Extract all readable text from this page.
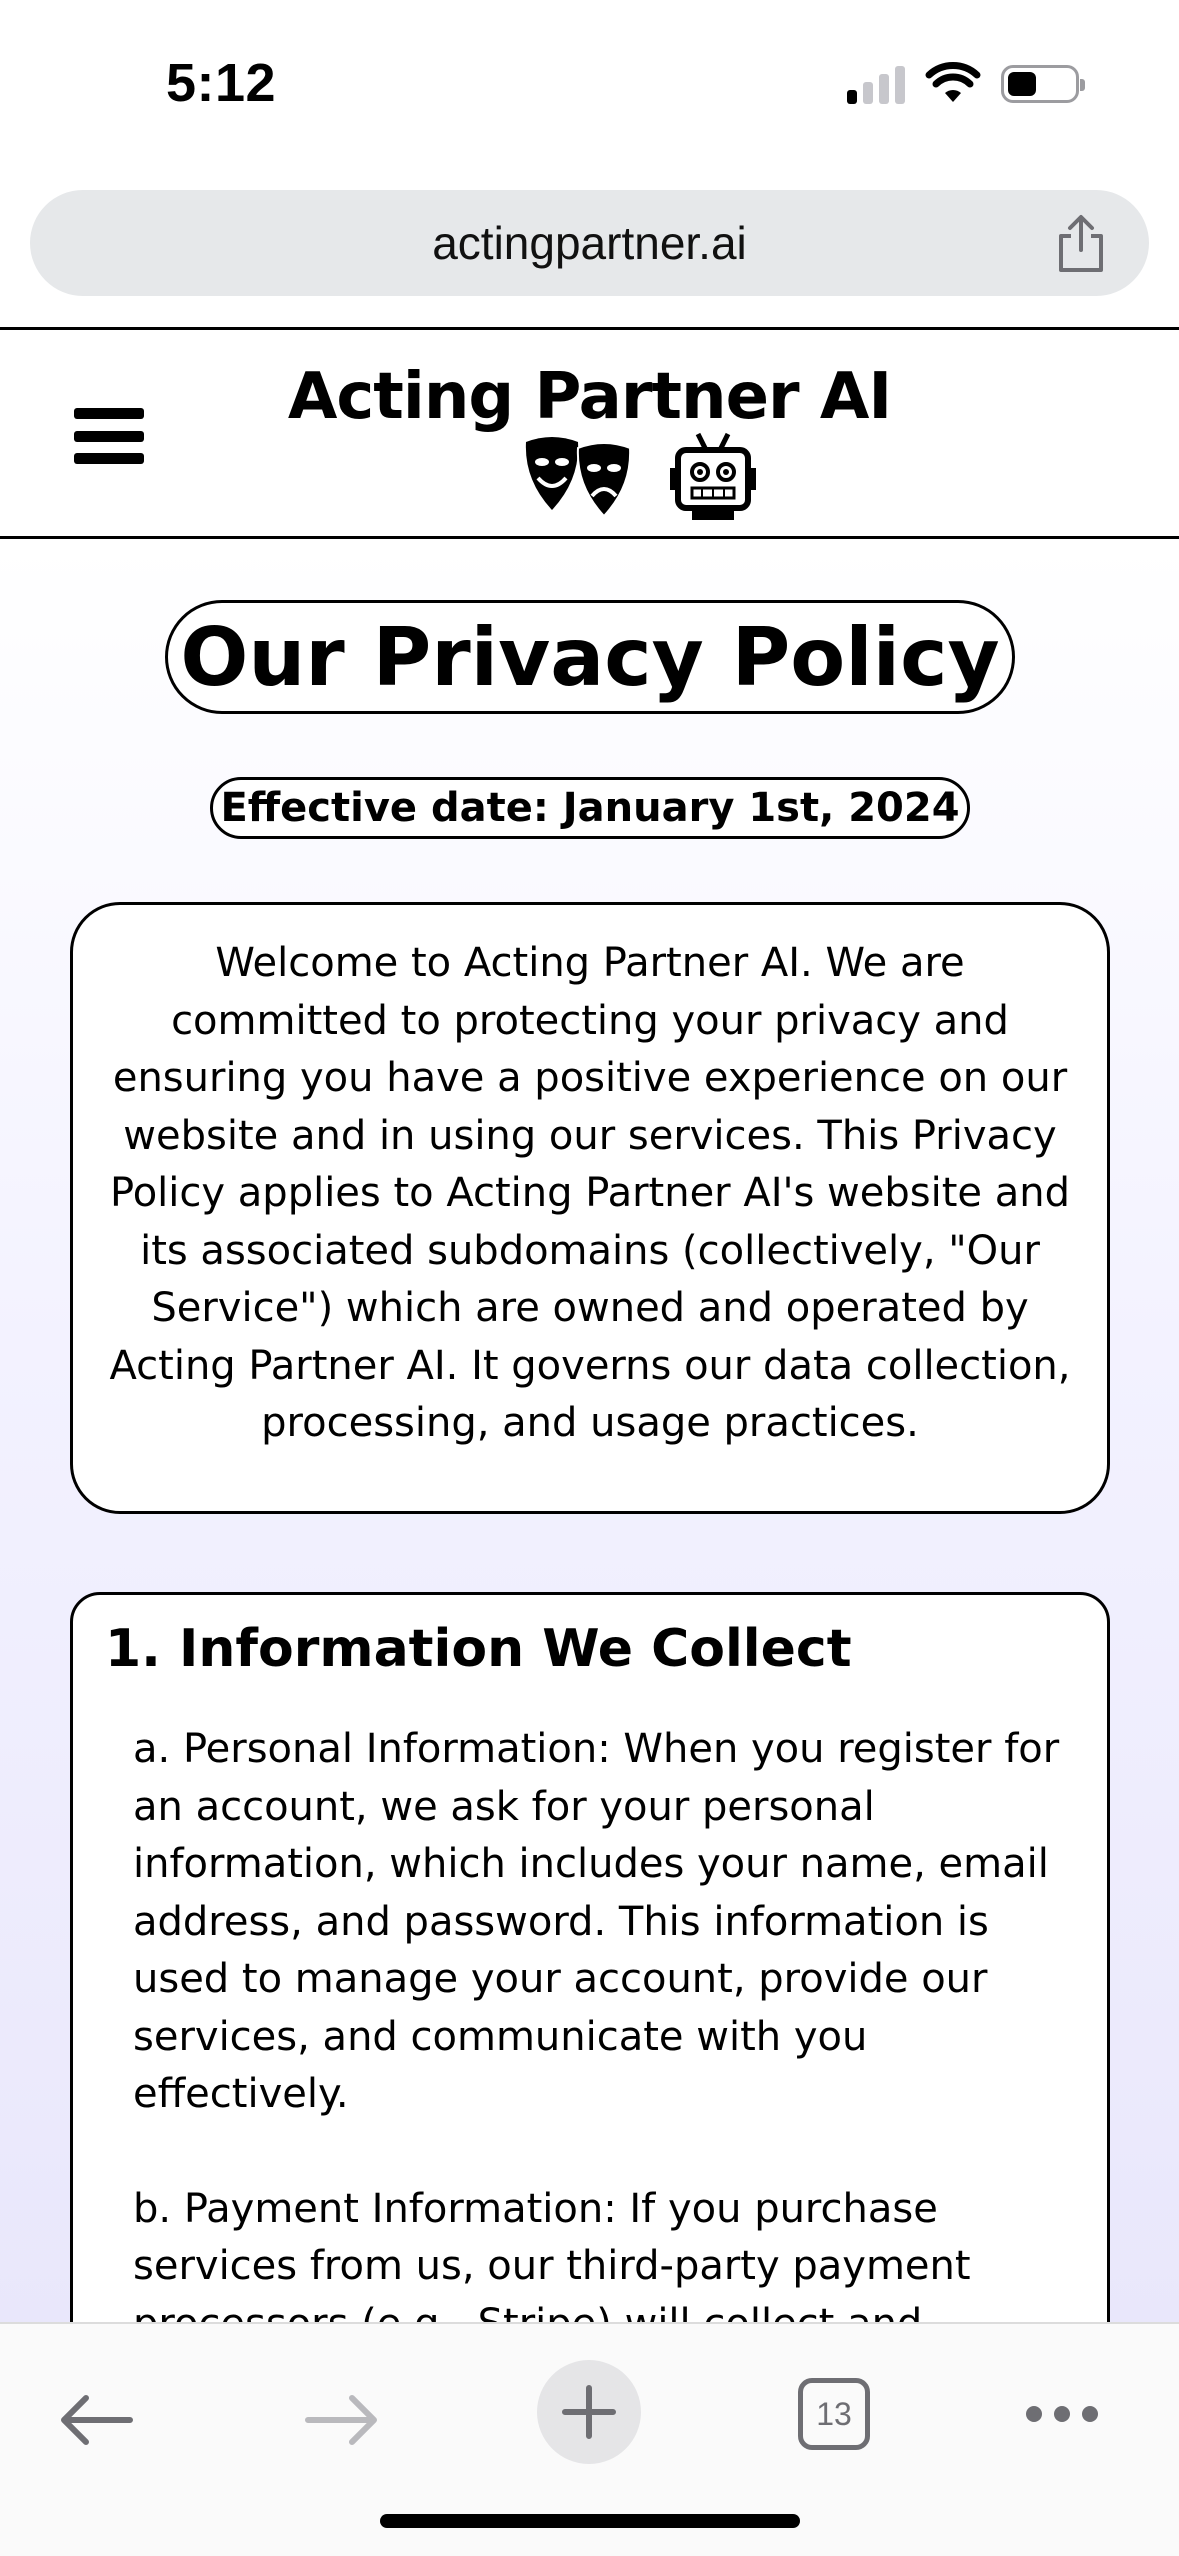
5:12
actingpartner.ai
Acting Partner AI
Our Privacy Policy
Effective date: January 1st, 2024

Welcome to Acting Partner AI. We are committed to protecting your privacy and ensuring you have a positive experience on our website and in using our services. This Privacy Policy applies to Acting Partner AI's website and its associated subdomains (collectively, "Our Service") which are owned and operated by Acting Partner AI. It governs our data collection, processing, and usage practices.

1. Information We Collect

a. Personal Information: When you register for an account, we ask for your personal information, which includes your name, email address, and password. This information is used to manage your account, provide our services, and communicate with you effectively.

b. Payment Information: If you purchase services from us, our third-party payment

13
